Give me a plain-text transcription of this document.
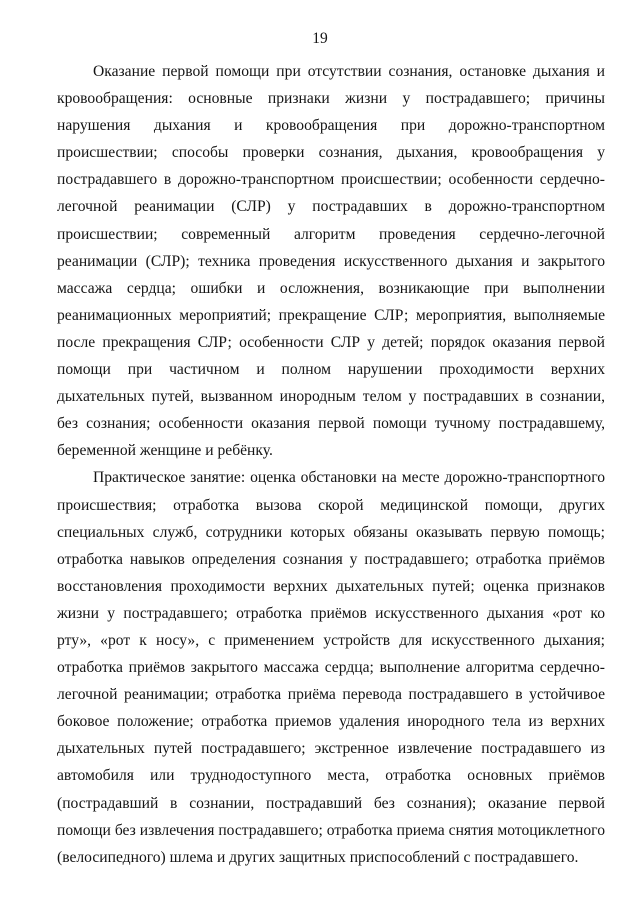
19

Оказание первой помощи при отсутствии сознания, остановке дыхания и кровообращения: основные признаки жизни у пострадавшего; причины нарушения дыхания и кровообращения при дорожно-транспортном происшествии; способы проверки сознания, дыхания, кровообращения у пострадавшего в дорожно-транспортном происшествии; особенности сердечно-легочной реанимации (СЛР) у пострадавших в дорожно-транспортном происшествии; современный алгоритм проведения сердечно-легочной реанимации (СЛР); техника проведения искусственного дыхания и закрытого массажа сердца; ошибки и осложнения, возникающие при выполнении реанимационных мероприятий; прекращение СЛР; мероприятия, выполняемые после прекращения СЛР; особенности СЛР у детей; порядок оказания первой помощи при частичном и полном нарушении проходимости верхних дыхательных путей, вызванном инородным телом у пострадавших в сознании, без сознания; особенности оказания первой помощи тучному пострадавшему, беременной женщине и ребёнку.

Практическое занятие: оценка обстановки на месте дорожно-транспортного происшествия; отработка вызова скорой медицинской помощи, других специальных служб, сотрудники которых обязаны оказывать первую помощь; отработка навыков определения сознания у пострадавшего; отработка приёмов восстановления проходимости верхних дыхательных путей; оценка признаков жизни у пострадавшего; отработка приёмов искусственного дыхания «рот ко рту», «рот к носу», с применением устройств для искусственного дыхания; отработка приёмов закрытого массажа сердца; выполнение алгоритма сердечно-легочной реанимации; отработка приёма перевода пострадавшего в устойчивое боковое положение; отработка приемов удаления инородного тела из верхних дыхательных путей пострадавшего; экстренное извлечение пострадавшего из автомобиля или труднодоступного места, отработка основных приёмов (пострадавший в сознании, пострадавший без сознания); оказание первой помощи без извлечения пострадавшего; отработка приема снятия мотоциклетного (велосипедного) шлема и других защитных приспособлений с пострадавшего.
